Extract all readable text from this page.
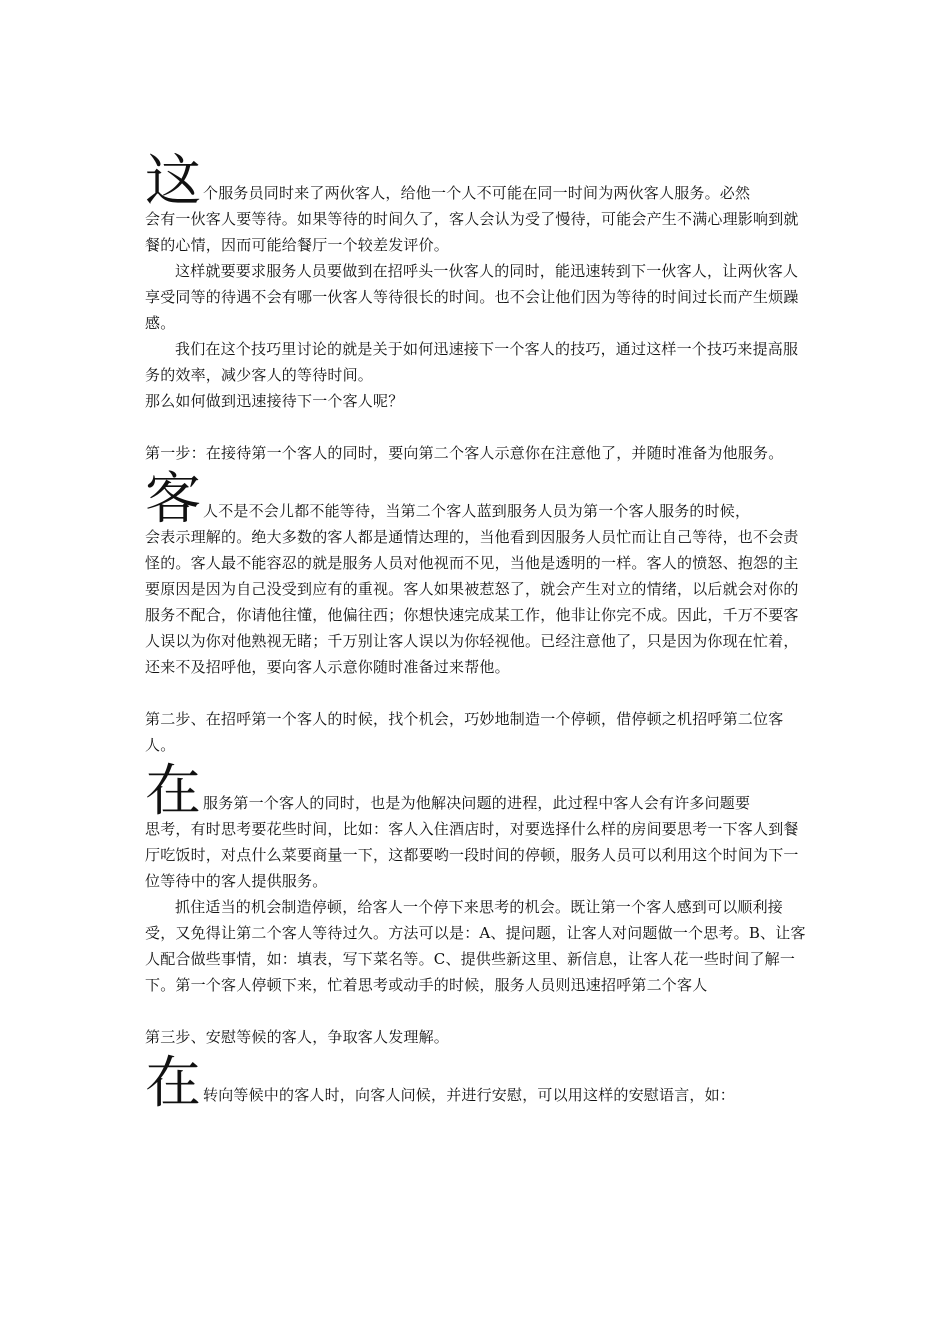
这 个服务员同时来了两伙客人，给他一个人不可能在同一时间为两伙客人服务。必然
会有一伙客人要等待。如果等待的时间久了，客人会认为受了慢待，可能会产生不满心理影响到就餐的心情，因而可能给餐厅一个较差发评价。

这样就要要求服务人员要做到在招呼头一伙客人的同时，能迅速转到下一伙客人，让两伙客人享受同等的待遇不会有哪一伙客人等待很长的时间。也不会让他们因为等待的时间过长而产生烦躁感。

我们在这个技巧里讨论的就是关于如何迅速接下一个客人的技巧，通过这样一个技巧来提高服务的效率，减少客人的等待时间。

那么如何做到迅速接待下一个客人呢？

第一步：在接待第一个客人的同时，要向第二个客人示意你在注意他了，并随时准备为他服务。

客 人不是不会儿都不能等待，当第二个客人蓝到服务人员为第一个客人服务的时候，
会表示理解的。绝大多数的客人都是通情达理的，当他看到因服务人员忙而让自己等待，也不会责怪的。客人最不能容忍的就是服务人员对他视而不见，当他是透明的一样。客人的愤怒、抱怨的主要原因是因为自己没受到应有的重视。客人如果被惹怒了，就会产生对立的情绪，以后就会对你的服务不配合，你请他往懂，他偏往西；你想快速完成某工作，他非让你完不成。因此，千万不要客人误以为你对他熟视无睹；千万别让客人误以为你轻视他。已经注意他了，只是因为你现在忙着，还来不及招呼他，要向客人示意你随时准备过来帮他。

第二步、在招呼第一个客人的时候，找个机会，巧妙地制造一个停顿，借停顿之机招呼第二位客人。

在 服务第一个客人的同时，也是为他解决问题的进程，此过程中客人会有许多问题要
思考，有时思考要花些时间，比如：客人入住酒店时，对要选择什么样的房间要思考一下客人到餐厅吃饭时，对点什么菜要商量一下，这都要哟一段时间的停顿，服务人员可以利用这个时间为下一位等待中的客人提供服务。

抓住适当的机会制造停顿，给客人一个停下来思考的机会。既让第一个客人感到可以顺利接受，又免得让第二个客人等待过久。方法可以是：A、提问题，让客人对问题做一个思考。B、让客人配合做些事情，如：填表，写下菜名等。C、提供些新这里、新信息，让客人花一些时间了解一下。第一个客人停顿下来，忙着思考或动手的时候，服务人员则迅速招呼第二个客人

第三步、安慰等候的客人，争取客人发理解。

在 转向等候中的客人时，向客人问候，并进行安慰，可以用这样的安慰语言，如：
